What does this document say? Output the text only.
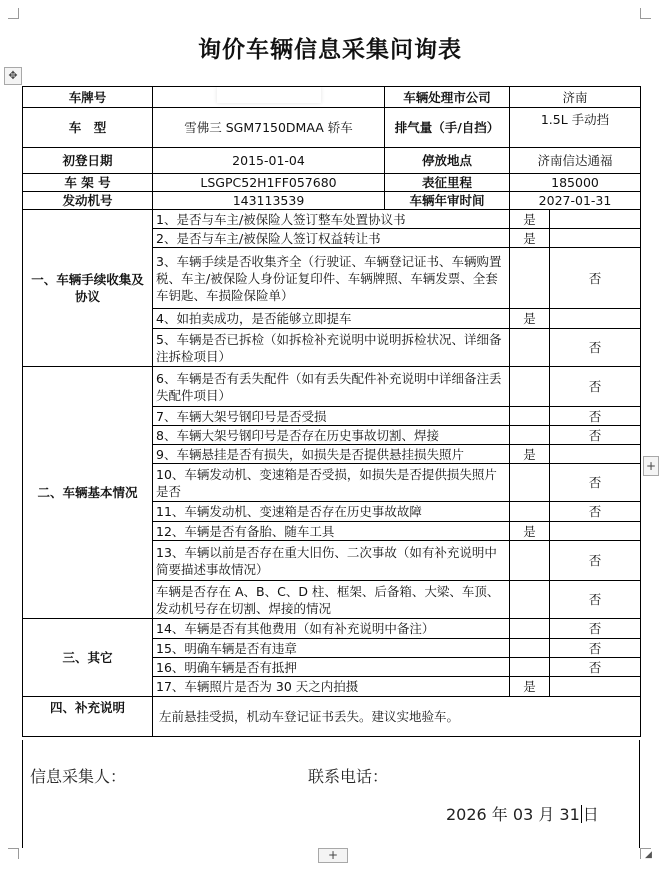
✥
+
+	◢
询价车辆信息采集问询表
车牌号		车辆处理市公司	济南	
车　型	雪佛三 SGM7150DMAA 轿车	排气量（手/自挡）	1.5L 手动挡	
初登日期	2015-01-04	停放地点	济南信达通福	
车 架 号	LSGPC52H1FF057680	表征里程	185000	
发动机号	143113539	车辆年审时间	2027-01-31	
一、车辆手续收集及协议	1、是否与车主/被保险人签订整车处置协议书		是	
	2、是否与车主/被保险人签订权益转让书		是	
	3、车辆手续是否收集齐全（行驶证、车辆登记证书、车辆购置税、车主/被保险人身份证复印件、车辆牌照、车辆发票、全套车钥匙、车损险保险单）			否
	4、如拍卖成功，是否能够立即提车		是	
	5、车辆是否已拆检（如拆检补充说明中说明拆检状况、详细备注拆检项目）			否
二、车辆基本情况	6、车辆是否有丢失配件（如有丢失配件补充说明中详细备注丢失配件项目）			否
	7、车辆大架号钢印号是否受损			否
	8、车辆大架号钢印号是否存在历史事故切割、焊接			否
	9、车辆悬挂是否有损失，如损失是否提供悬挂损失照片		是	
	10、车辆发动机、变速箱是否受损，如损失是否提供损失照片是否			否
	11、车辆发动机、变速箱是否存在历史事故故障			否
	12、车辆是否有备胎、随车工具		是	
	13、车辆以前是否存在重大旧伤、二次事故（如有补充说明中简要描述事故情况）			否
	车辆是否存在 A、B、C、D 柱、框架、后备箱、大梁、车顶、发动机号存在切割、焊接的情况			否
三、其它	14、车辆是否有其他费用（如有补充说明中备注）			否
	15、明确车辆是否有违章			否
	16、明确车辆是否有抵押			否
	17、车辆照片是否为 30 天之内拍摄		是	
四、补充说明	左前悬挂受损，机动车登记证书丢失。建议实地验车。			
信息采集人：	联系电话：
2026 年 03 月 31 日
